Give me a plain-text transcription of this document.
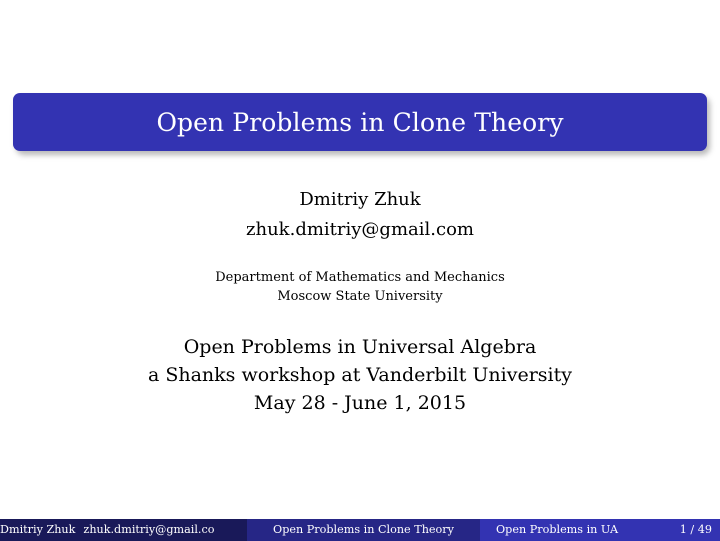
Open Problems in Clone Theory
Dmitriy Zhuk
zhuk.dmitriy@gmail.com
Department of Mathematics and Mechanics
Moscow State University
Open Problems in Universal Algebra
a Shanks workshop at Vanderbilt University
May 28 - June 1, 2015
Dmitriy Zhuk zhuk.dmitriy@gmail.co	Open Problems in Clone Theory	Open Problems in UA	1 / 49
